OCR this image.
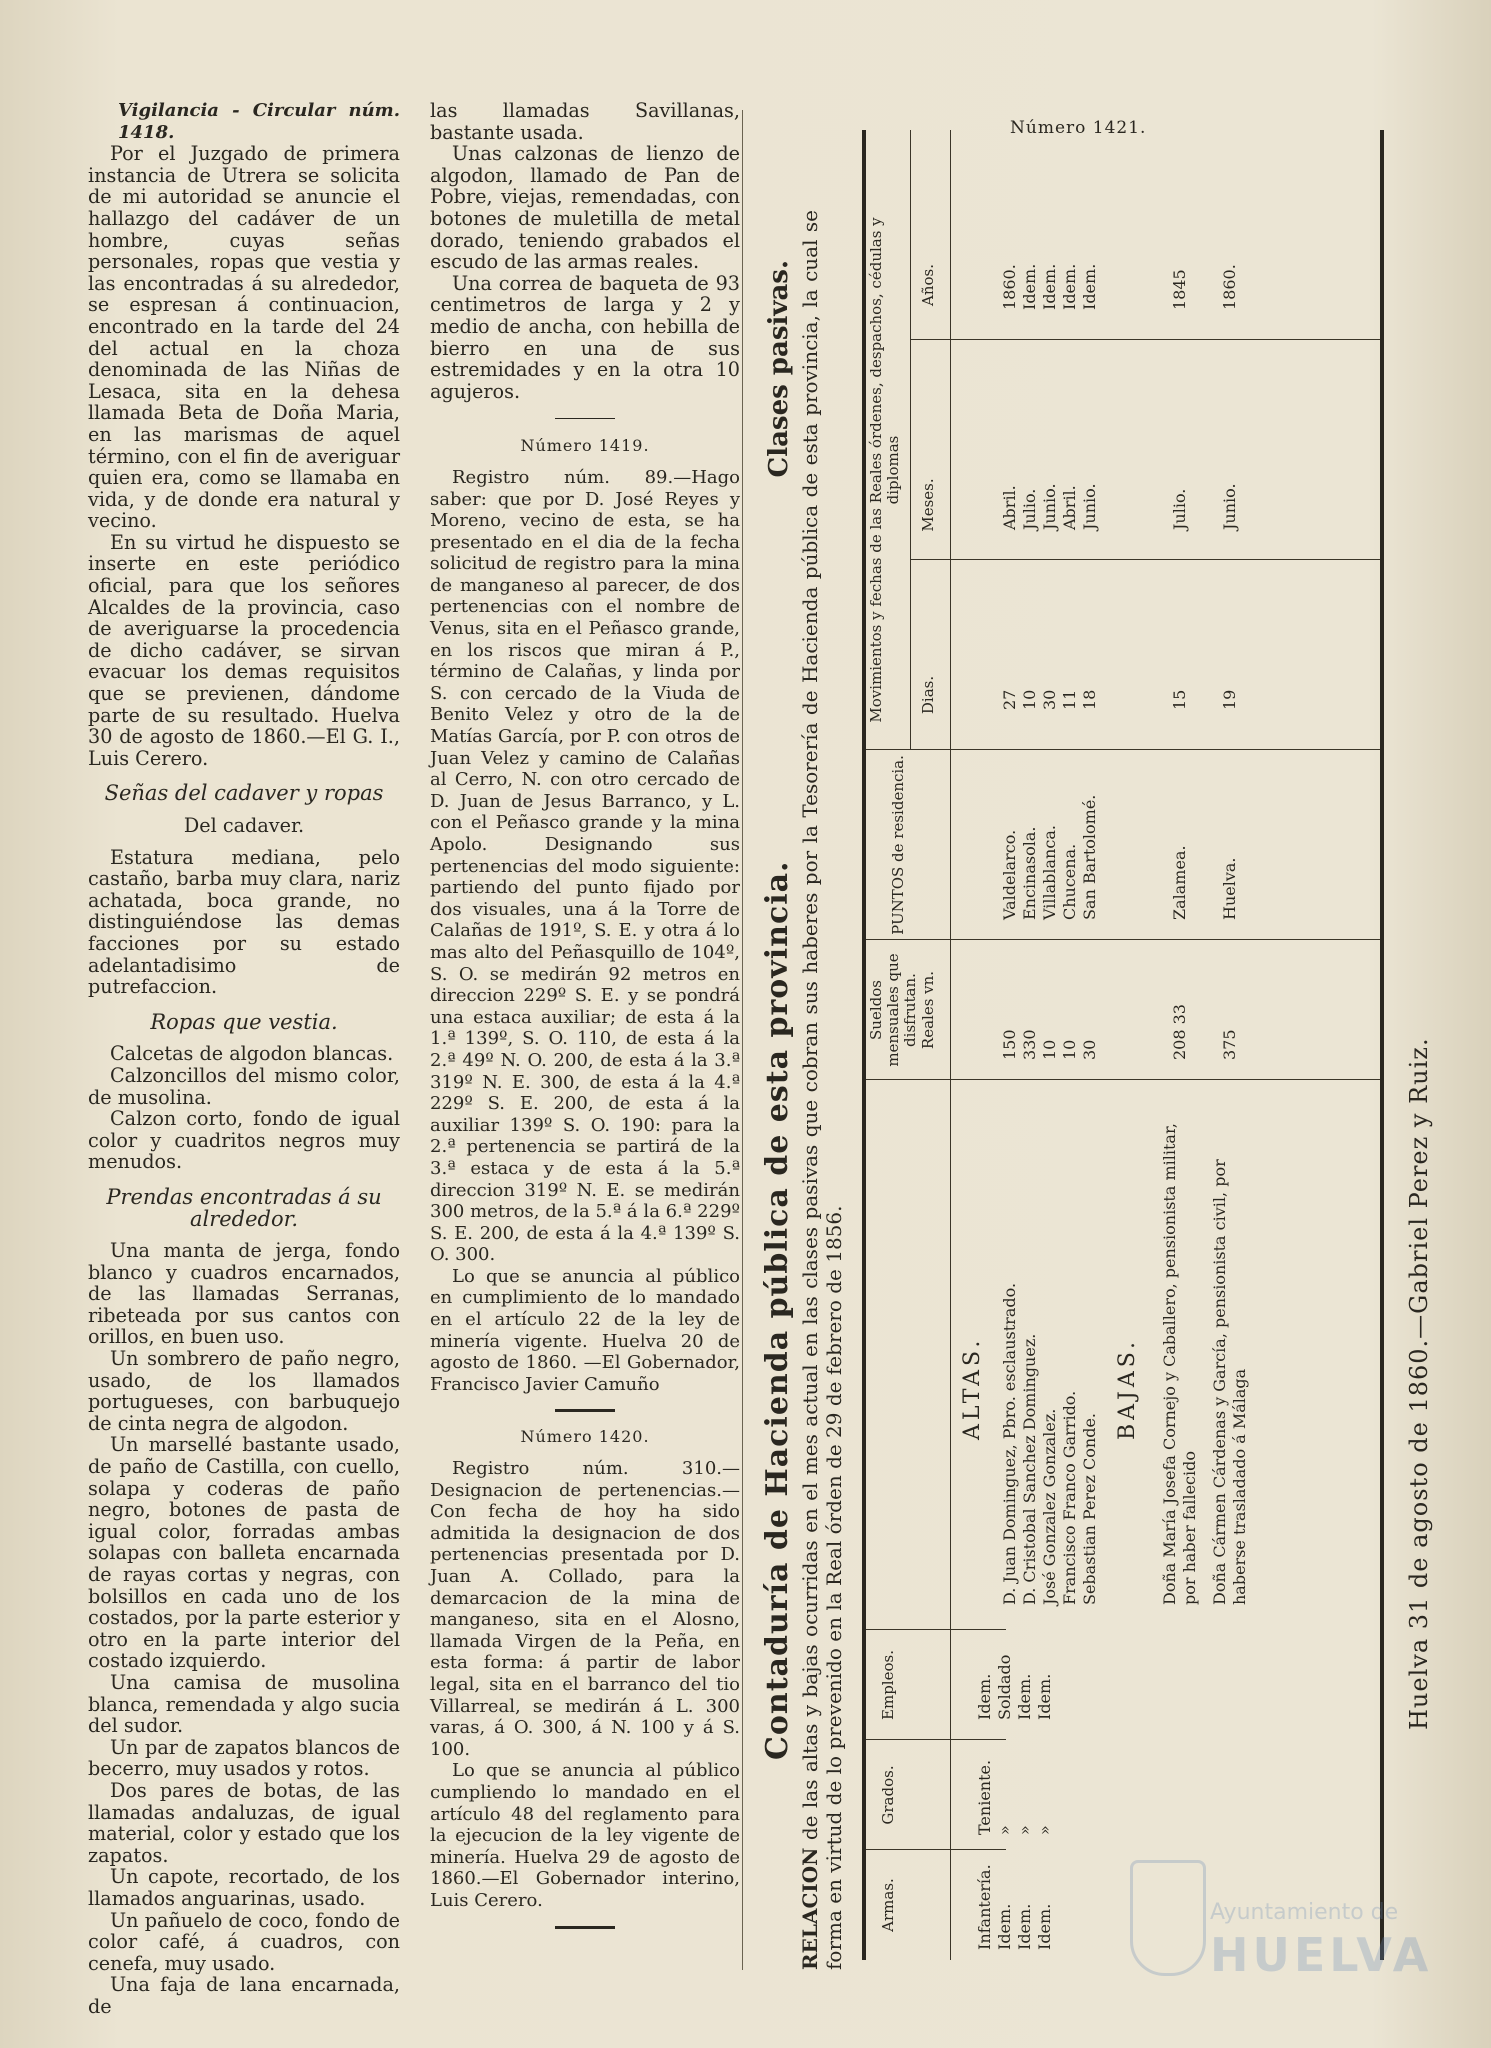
Vigilancia - Circular núm. 1418.

Por el Juzgado de primera instancia de Utrera se solicita de mi autoridad se anuncie el hallazgo del cadáver de un hombre, cuyas señas personales, ropas que vestia y las encontradas á su alrededor, se espresan á continuacion, encontrado en la tarde del 24 del actual en la choza denominada de las Niñas de Lesaca, sita en la dehesa llamada Beta de Doña Maria, en las marismas de aquel término, con el fin de averiguar quien era, como se llamaba en vida, y de donde era natural y vecino.

En su virtud he dispuesto se inserte en este periódico oficial, para que los señores Alcaldes de la provincia, caso de averiguarse la procedencia de dicho cadáver, se sirvan evacuar los demas requisitos que se previenen, dándome parte de su resultado. Huelva 30 de agosto de 1860.—El G. I., Luis Cerero.

Señas del cadaver y ropas

Del cadaver.

Estatura mediana, pelo castaño, barba muy clara, nariz achatada, boca grande, no distinguiéndose las demas facciones por su estado adelantadisimo de putrefaccion.

Ropas que vestia.

Calcetas de algodon blancas.

Calzoncillos del mismo color, de musolina.

Calzon corto, fondo de igual color y cuadritos negros muy menudos.

Prendas encontradas á su alrededor.

Una manta de jerga, fondo blanco y cuadros encarnados, de las llamadas Serranas, ribeteada por sus cantos con orillos, en buen uso.

Un sombrero de paño negro, usado, de los llamados portugueses, con barbuquejo de cinta negra de algodon.

Un marsellé bastante usado, de paño de Castilla, con cuello, solapa y coderas de paño negro, botones de pasta de igual color, forradas ambas solapas con balleta encarnada de rayas cortas y negras, con bolsillos en cada uno de los costados, por la parte esterior y otro en la parte interior del costado izquierdo.

Una camisa de musolina blanca, remendada y algo sucia del sudor.

Un par de zapatos blancos de becerro, muy usados y rotos.

Dos pares de botas, de las llamadas andaluzas, de igual material, color y estado que los zapatos.

Un capote, recortado, de los llamados anguarinas, usado.

Un pañuelo de coco, fondo de color café, á cuadros, con cenefa, muy usado.

Una faja de lana encarnada, de

las llamadas Savillanas, bastante usada.

Unas calzonas de lienzo de algodon, llamado de Pan de Pobre, viejas, remendadas, con botones de muletilla de metal dorado, teniendo grabados el escudo de las armas reales.

Una correa de baqueta de 93 centimetros de larga y 2 y medio de ancha, con hebilla de bierro en una de sus estremidades y en la otra 10 agujeros.

Número 1419.

Registro núm. 89.—Hago saber: que por D. José Reyes y Moreno, vecino de esta, se ha presentado en el dia de la fecha solicitud de registro para la mina de manganeso al parecer, de dos pertenencias con el nombre de Venus, sita en el Peñasco grande, en los riscos que miran á P., término de Calañas, y linda por S. con cercado de la Viuda de Benito Velez y otro de la de Matías García, por P. con otros de Juan Velez y camino de Calañas al Cerro, N. con otro cercado de D. Juan de Jesus Barranco, y L. con el Peñasco grande y la mina Apolo. Designando sus pertenencias del modo siguiente: partiendo del punto fijado por dos visuales, una á la Torre de Calañas de 191º, S. E. y otra á lo mas alto del Peñasquillo de 104º, S. O. se medirán 92 metros en direccion 229º S. E. y se pondrá una estaca auxiliar; de esta á la 1.ª 139º, S. O. 110, de esta á la 2.ª 49º N. O. 200, de esta á la 3.ª 319º N. E. 300, de esta á la 4.ª 229º S. E. 200, de esta á la auxiliar 139º S. O. 190: para la 2.ª pertenencia se partirá de la 3.ª estaca y de esta á la 5.ª direccion 319º N. E. se medirán 300 metros, de la 5.ª á la 6.ª 229º S. E. 200, de esta á la 4.ª 139º S. O. 300.

Lo que se anuncia al público en cumplimiento de lo mandado en el artículo 22 de la ley de minería vigente. Huelva 20 de agosto de 1860. —El Gobernador, Francisco Javier Camuño

Número 1420.

Registro núm. 310.—Designacion de pertenencias.—Con fecha de hoy ha sido admitida la designacion de dos pertenencias presentada por D. Juan A. Collado, para la demarcacion de la mina de manganeso, sita en el Alosno, llamada Virgen de la Peña, en esta forma: á partir de labor legal, sita en el barranco del tio Villarreal, se medirán á L. 300 varas, á O. 300, á N. 100 y á S. 100.

Lo que se anuncia al público cumpliendo lo mandado en el artículo 48 del reglamento para la ejecucion de la ley vigente de minería. Huelva 29 de agosto de 1860.—El Gobernador interino, Luis Cerero.

Número 1421.
Contaduría de Hacienda pública de esta provincia.
Clases pasivas.
RELACION de las altas y bajas ocurridas en el mes actual en las clases pasivas que cobran sus haberes por la Tesorería de Hacienda pública de esta provincia, la cual se forma en virtud de lo prevenido en la Real órden de 29 de febrero de 1856. Armas.
Grados.
Empleos.
Sueldos mensuales que disfrutan. Reales vn.
PUNTOS de residencia.
Movimientos y fechas de las Reales órdenes, despachos, cédulas y diplomas
Dias.
Meses.
Años.
Infantería. Idem. Idem. Idem.
Teniente. » » »
Idem. Soldado Idem. Idem.
ALTAS. D. Juan Dominguez, Pbro. esclaustrado. D. Cristobal Sanchez Dominguez. José Gonzalez Gonzalez. Francisco Franco Garrido. Sebastian Perez Conde.
150 330 10 10 30
Valdelarco. Encinasola. Villablanca. Chucena. San Bartolomé.
27 10 30 11 18
Abril. Julio. Junio. Abril. Junio.
1860. Idem. Idem. Idem. Idem.
BAJAS. Doña María Josefa Cornejo y Caballero, pensionista militar, por haber fallecido Doña Cármen Cárdenas y García, pensionista civil, por haberse trasladado á Málaga
208 33 375
Zalamea. Huelva.
15 19
Julio. Junio.
1845 1860.
Huelva 31 de agosto de 1860.—Gabriel Perez y Ruiz.
Ayuntamiento de
HUELVA
